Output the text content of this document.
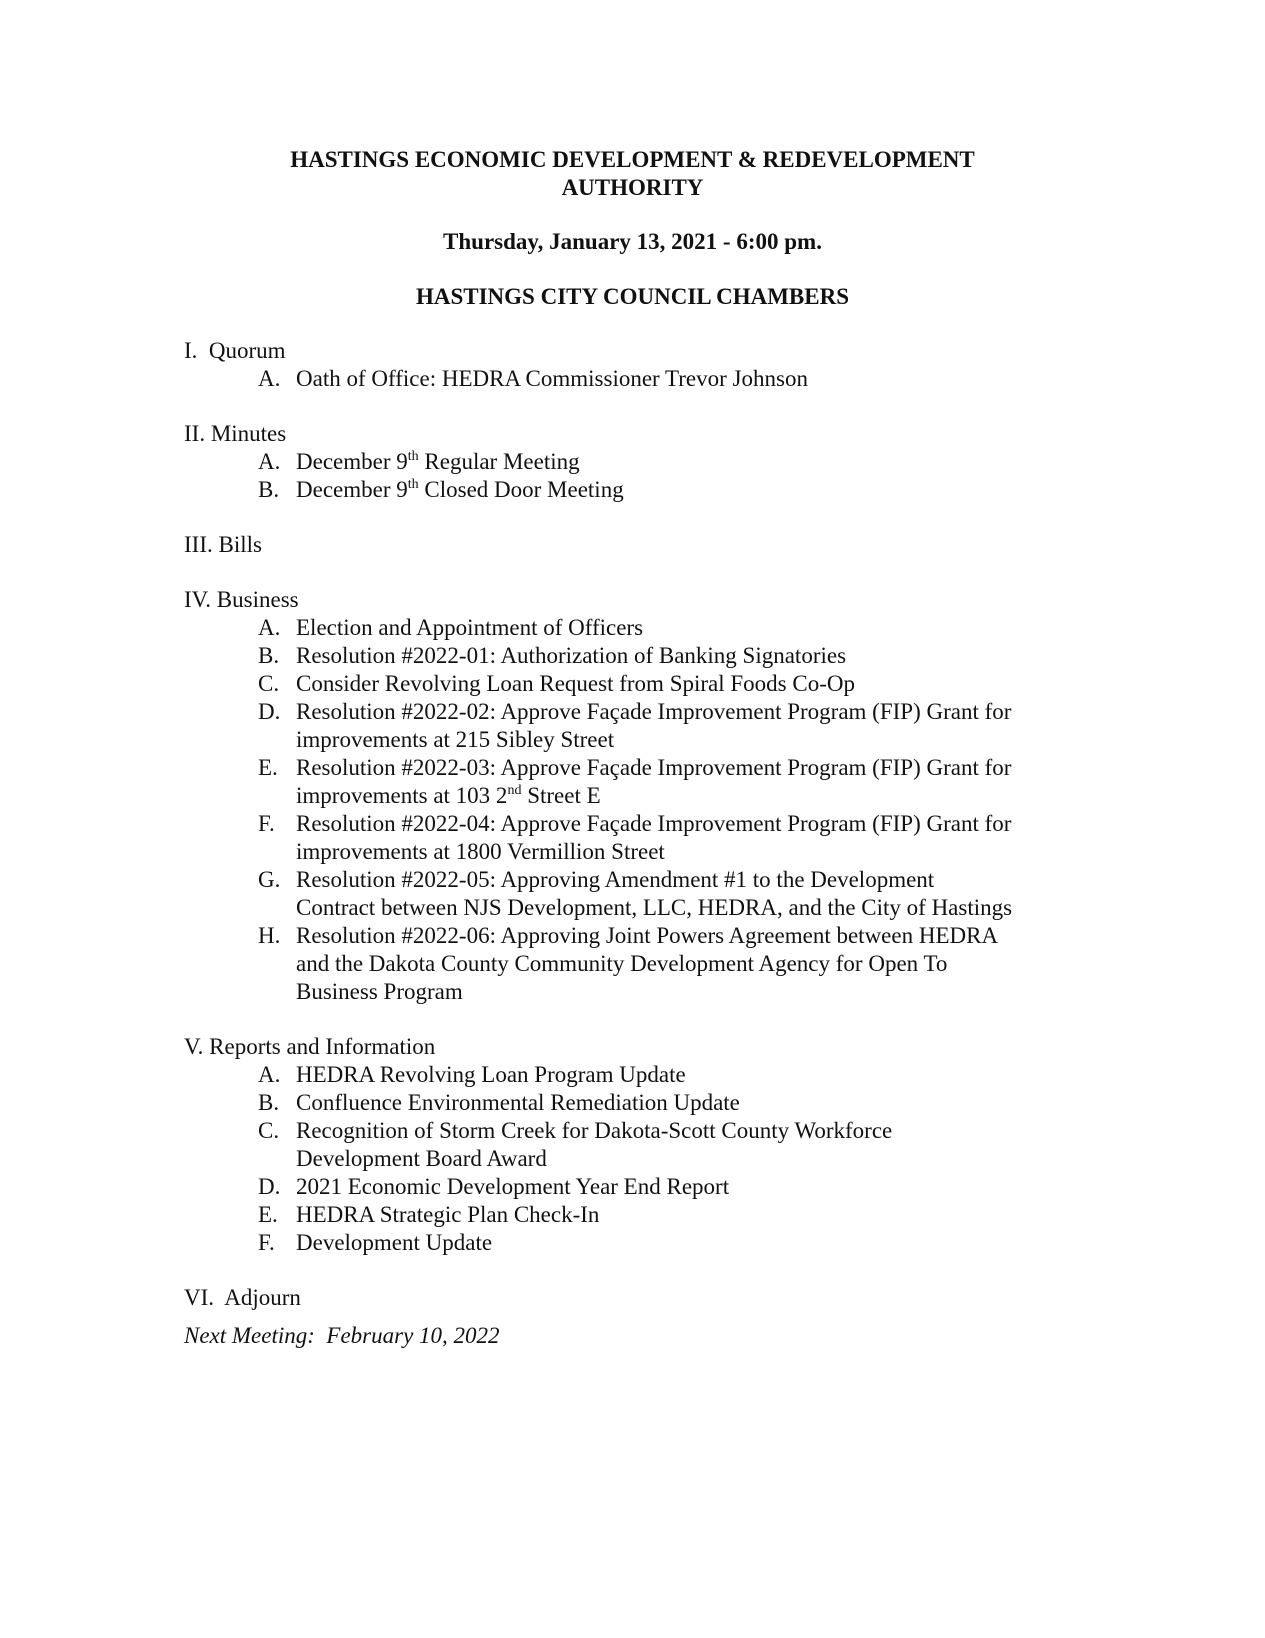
HASTINGS ECONOMIC DEVELOPMENT & REDEVELOPMENT
AUTHORITY
Thursday, January 13, 2021 - 6:00 pm.
HASTINGS CITY COUNCIL CHAMBERS
I.  Quorum
A. Oath of Office: HEDRA Commissioner Trevor Johnson
II. Minutes
A. December 9th Regular Meeting
B. December 9th Closed Door Meeting
III. Bills
IV. Business
A. Election and Appointment of Officers
B. Resolution #2022-01: Authorization of Banking Signatories
C. Consider Revolving Loan Request from Spiral Foods Co-Op
D. Resolution #2022-02: Approve Façade Improvement Program (FIP) Grant for
improvements at 215 Sibley Street
E. Resolution #2022-03: Approve Façade Improvement Program (FIP) Grant for
improvements at 103 2nd Street E
F. Resolution #2022-04: Approve Façade Improvement Program (FIP) Grant for
improvements at 1800 Vermillion Street
G. Resolution #2022-05: Approving Amendment #1 to the Development
Contract between NJS Development, LLC, HEDRA, and the City of Hastings
H. Resolution #2022-06: Approving Joint Powers Agreement between HEDRA
and the Dakota County Community Development Agency for Open To
Business Program
V. Reports and Information
A. HEDRA Revolving Loan Program Update
B. Confluence Environmental Remediation Update
C. Recognition of Storm Creek for Dakota-Scott County Workforce
Development Board Award
D. 2021 Economic Development Year End Report
E. HEDRA Strategic Plan Check-In
F. Development Update
VI.  Adjourn
Next Meeting:  February 10, 2022
